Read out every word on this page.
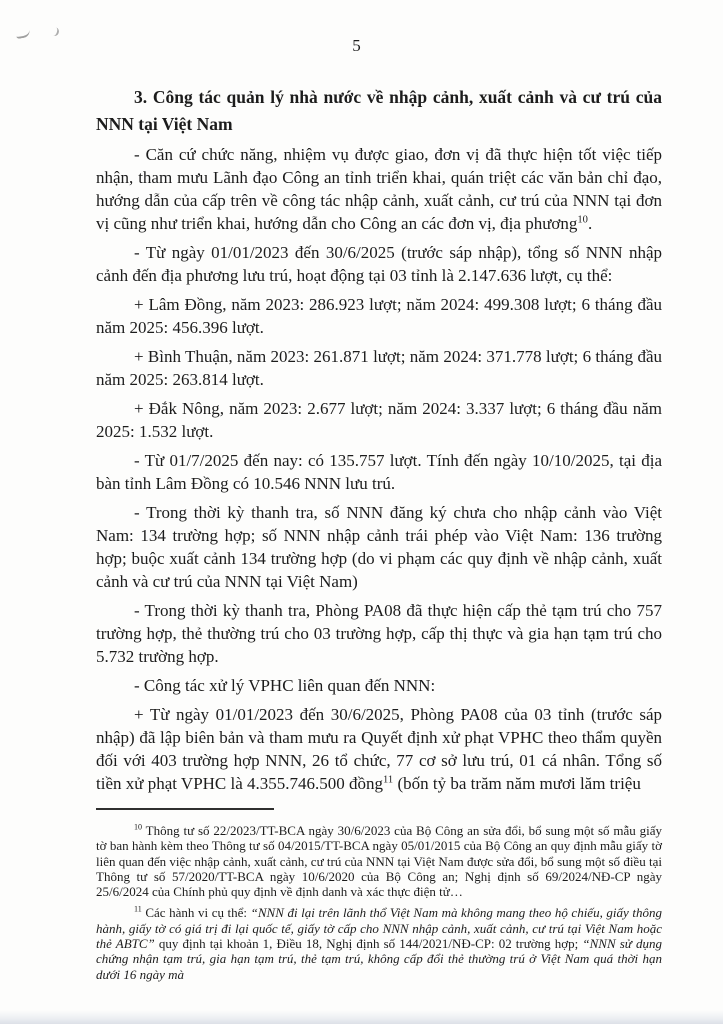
5
3. Công tác quản lý nhà nước về nhập cảnh, xuất cảnh và cư trú của NNN tại Việt Nam

- Căn cứ chức năng, nhiệm vụ được giao, đơn vị đã thực hiện tốt việc tiếp nhận, tham mưu Lãnh đạo Công an tỉnh triển khai, quán triệt các văn bản chỉ đạo, hướng dẫn của cấp trên về công tác nhập cảnh, xuất cảnh, cư trú của NNN tại đơn vị cũng như triển khai, hướng dẫn cho Công an các đơn vị, địa phương$^{10}$.

- Từ ngày 01/01/2023 đến 30/6/2025 (trước sáp nhập), tổng số NNN nhập cảnh đến địa phương lưu trú, hoạt động tại 03 tỉnh là 2.147.636 lượt, cụ thể:

+ Lâm Đồng, năm 2023: 286.923 lượt; năm 2024: 499.308 lượt; 6 tháng đầu năm 2025: 456.396 lượt.

+ Bình Thuận, năm 2023: 261.871 lượt; năm 2024: 371.778 lượt; 6 tháng đầu năm 2025: 263.814 lượt.

+ Đắk Nông, năm 2023: 2.677 lượt; năm 2024: 3.337 lượt; 6 tháng đầu năm 2025: 1.532 lượt.

- Từ 01/7/2025 đến nay: có 135.757 lượt. Tính đến ngày 10/10/2025, tại địa bàn tỉnh Lâm Đồng có 10.546 NNN lưu trú.

- Trong thời kỳ thanh tra, số NNN đăng ký chưa cho nhập cảnh vào Việt Nam: 134 trường hợp; số NNN nhập cảnh trái phép vào Việt Nam: 136 trường hợp; buộc xuất cảnh 134 trường hợp (do vi phạm các quy định về nhập cảnh, xuất cảnh và cư trú của NNN tại Việt Nam)

- Trong thời kỳ thanh tra, Phòng PA08 đã thực hiện cấp thẻ tạm trú cho 757 trường hợp, thẻ thường trú cho 03 trường hợp, cấp thị thực và gia hạn tạm trú cho 5.732 trường hợp.

- Công tác xử lý VPHC liên quan đến NNN:

+ Từ ngày 01/01/2023 đến 30/6/2025, Phòng PA08 của 03 tỉnh (trước sáp nhập) đã lập biên bản và tham mưu ra Quyết định xử phạt VPHC theo thẩm quyền đối với 403 trường hợp NNN, 26 tổ chức, 77 cơ sở lưu trú, 01 cá nhân. Tổng số tiền xử phạt VPHC là 4.355.746.500 đồng$^{11}$ (bốn tỷ ba trăm năm mươi lăm triệu

$^{10}$ Thông tư số 22/2023/TT-BCA ngày 30/6/2023 của Bộ Công an sửa đổi, bổ sung một số mẫu giấy tờ ban hành kèm theo Thông tư số 04/2015/TT-BCA ngày 05/01/2015 của Bộ Công an quy định mẫu giấy tờ liên quan đến việc nhập cảnh, xuất cảnh, cư trú của NNN tại Việt Nam được sửa đổi, bổ sung một số điều tại Thông tư số 57/2020/TT-BCA ngày 10/6/2020 của Bộ Công an; Nghị định số 69/2024/NĐ-CP ngày 25/6/2024 của Chính phủ quy định về định danh và xác thực điện tử…

$^{11}$ Các hành vi cụ thể: “NNN đi lại trên lãnh thổ Việt Nam mà không mang theo hộ chiếu, giấy thông hành, giấy tờ có giá trị đi lại quốc tế, giấy tờ cấp cho NNN nhập cảnh, xuất cảnh, cư trú tại Việt Nam hoặc thẻ ABTC” quy định tại khoản 1, Điều 18, Nghị định số 144/2021/NĐ-CP: 02 trường hợp; “NNN sử dụng chứng nhận tạm trú, gia hạn tạm trú, thẻ tạm trú, không cấp đổi thẻ thường trú ở Việt Nam quá thời hạn dưới 16 ngày mà
